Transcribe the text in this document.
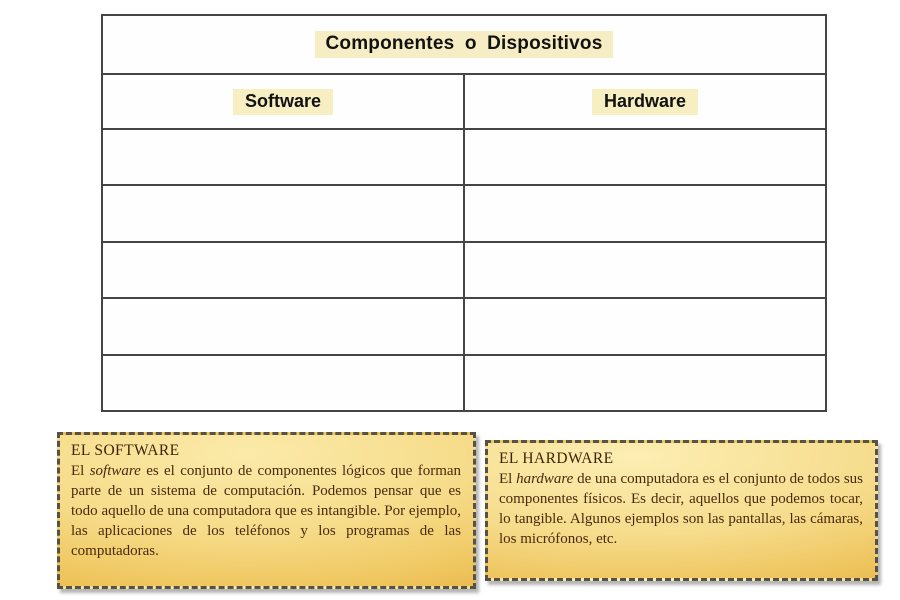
Componentes o Dispositivos
Software	Hardware

EL SOFTWARE

El software es el conjunto de componentes lógicos que forman parte de un sistema de computación. Podemos pensar que es todo aquello de una computadora que es intangible. Por ejemplo, las aplicaciones de los teléfonos y los programas de las computadoras.

EL HARDWARE

El hardware de una computadora es el conjunto de todos sus componentes físicos. Es decir, aquellos que podemos tocar, lo tangible. Algunos ejemplos son las pantallas, las cámaras, los micrófonos, etc.
